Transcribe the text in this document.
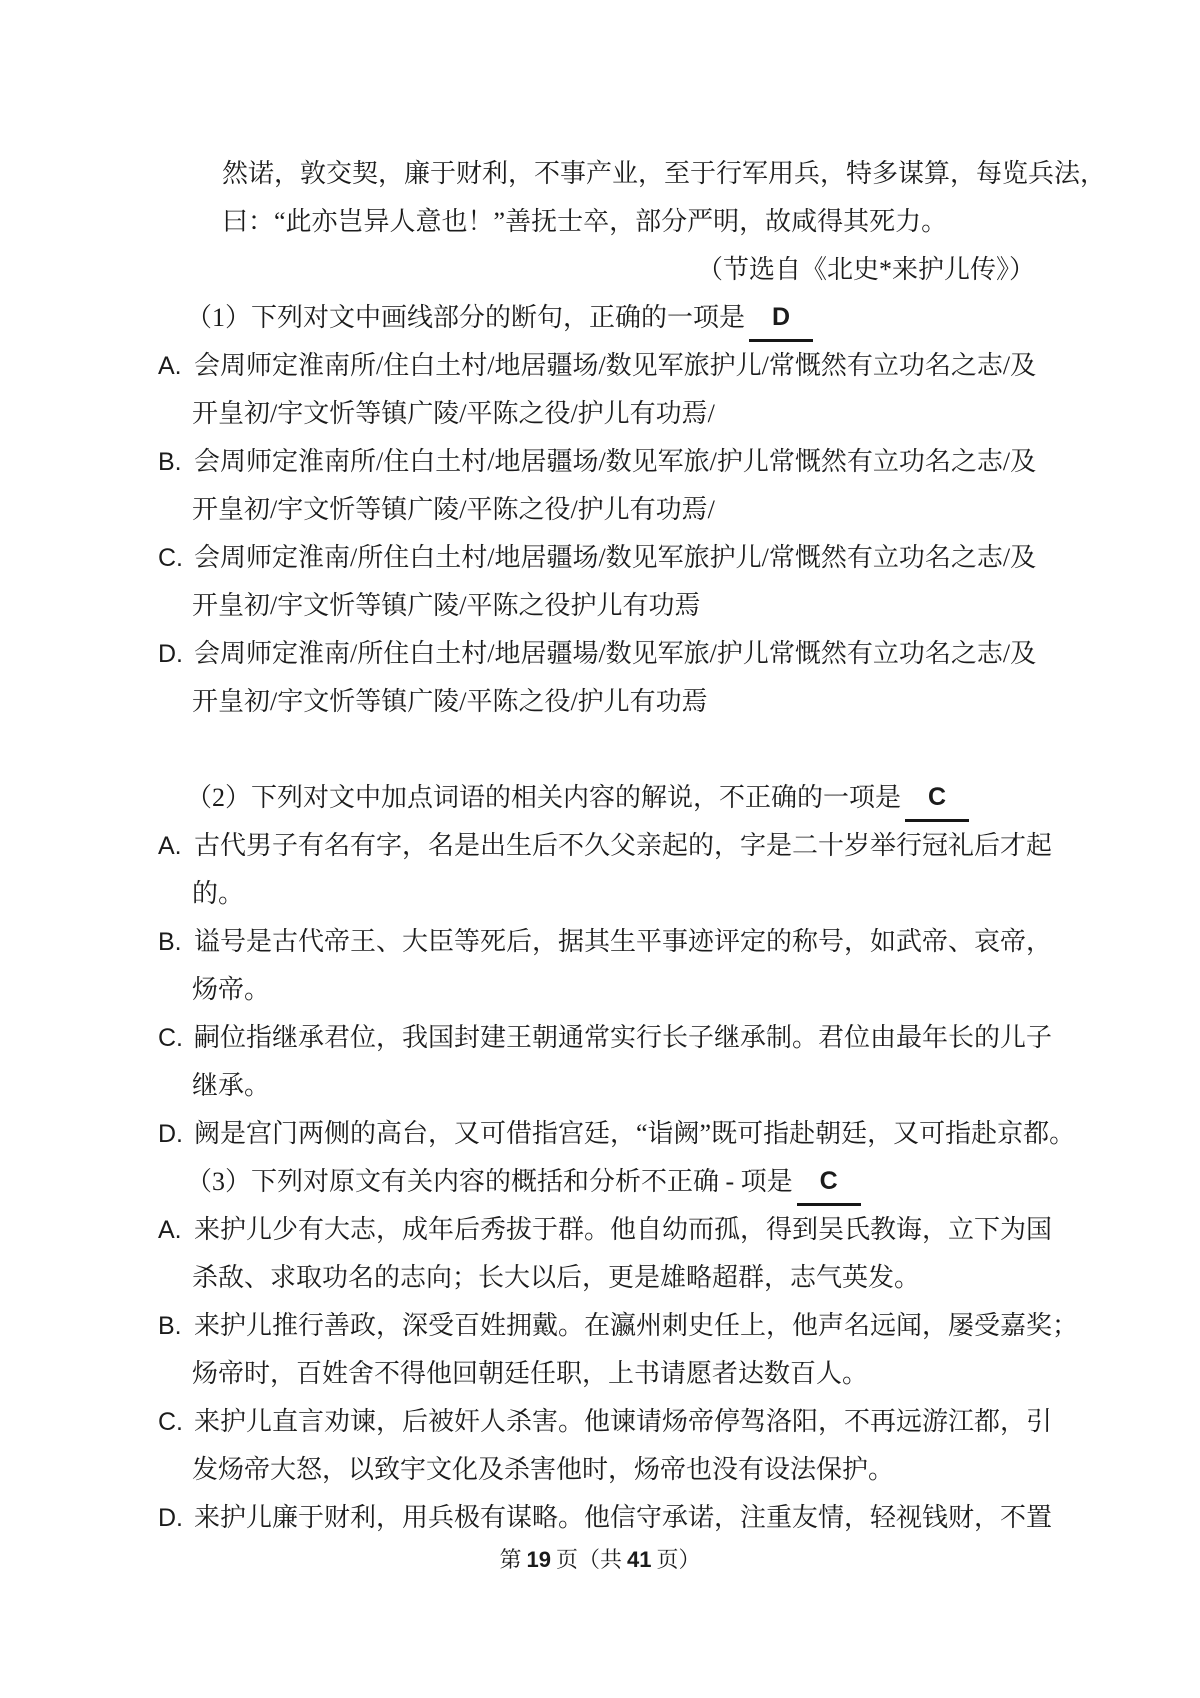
然诺，敦交契，廉于财利，不事产业，至于行军用兵，特多谋算，每览兵法，
曰：“此亦岂异人意也！”善抚士卒，部分严明，故咸得其死力。
（节选自《北史*来护儿传》）
（1）下列对文中画线部分的断句，正确的一项是 D
A. 会周师定淮南所/住白土村/地居疆场/数见军旅护儿/常慨然有立功名之志/及
开皇初/宇文忻等镇广陵/平陈之役/护儿有功焉/
B. 会周师定淮南所/住白土村/地居疆场/数见军旅/护儿常慨然有立功名之志/及
开皇初/宇文忻等镇广陵/平陈之役/护儿有功焉/
C. 会周师定淮南/所住白土村/地居疆场/数见军旅护儿/常慨然有立功名之志/及
开皇初/宇文忻等镇广陵/平陈之役护儿有功焉
D. 会周师定淮南/所住白土村/地居疆場/数见军旅/护儿常慨然有立功名之志/及
开皇初/宇文忻等镇广陵/平陈之役/护儿有功焉
（2）下列对文中加点词语的相关内容的解说，不正确的一项是 C
A. 古代男子有名有字，名是出生后不久父亲起的，字是二十岁举行冠礼后才起
的。
B. 谥号是古代帝王、大臣等死后，据其生平事迹评定的称号，如武帝、哀帝，
炀帝。
C. 嗣位指继承君位，我国封建王朝通常实行长子继承制。君位由最年长的儿子
继承。
D. 阙是宫门两侧的高台，又可借指宫廷，“诣阙”既可指赴朝廷，又可指赴京都。
（3）下列对原文有关内容的概括和分析不正确 - 项是 C
A. 来护儿少有大志，成年后秀拔于群。他自幼而孤，得到吴氏教诲，立下为国
杀敌、求取功名的志向；长大以后，更是雄略超群，志气英发。
B. 来护儿推行善政，深受百姓拥戴。在瀛州刺史任上，他声名远闻，屡受嘉奖；
炀帝时，百姓舍不得他回朝廷任职，上书请愿者达数百人。
C. 来护儿直言劝谏，后被奸人杀害。他谏请炀帝停驾洛阳，不再远游江都，引
发炀帝大怒，以致宇文化及杀害他时，炀帝也没有设法保护。
D. 来护儿廉于财利，用兵极有谋略。他信守承诺，注重友情，轻视钱财，不置
第 19 页（共 41 页）
